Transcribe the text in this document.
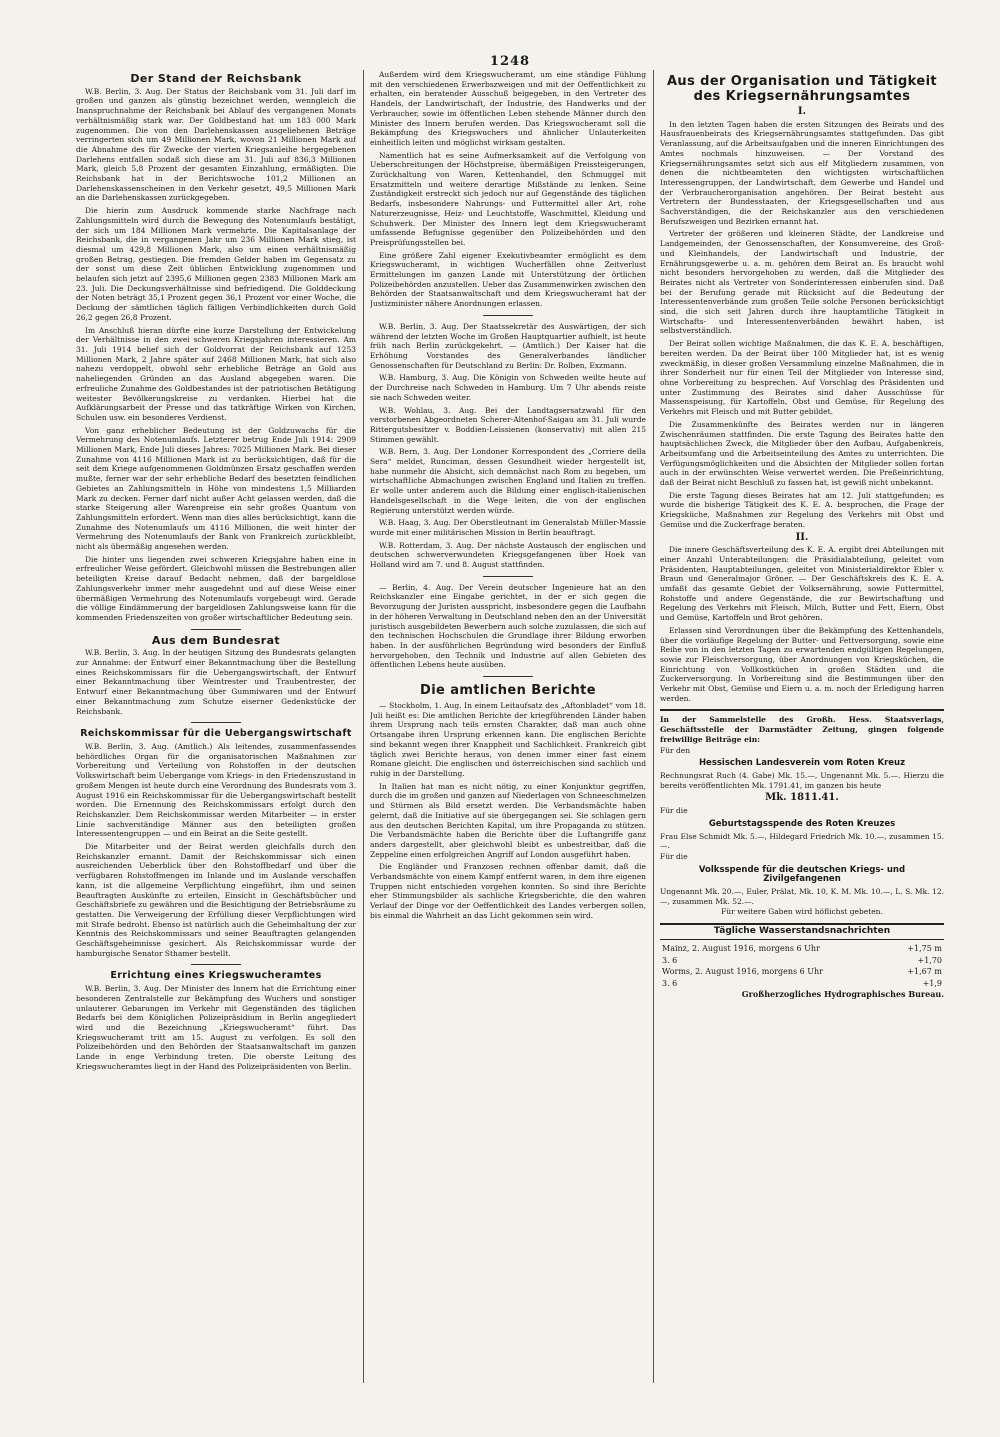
1248
Der Stand der Reichsbank

W.B. Berlin, 3. Aug. Der Status der Reichsbank vom 31. Juli darf im großen und ganzen als günstig bezeichnet werden, wenngleich die Inanspruchnahme der Reichsbank bei Ablauf des vergangenen Monats verhältnismäßig stark war. Der Goldbestand hat um 183 000 Mark zugenommen. Die von den Darlehenskassen ausgeliehenen Beträge verringerten sich um 49 Millionen Mark, wovon 21 Millionen Mark auf die Abnahme des für Zwecke der vierten Kriegsanleihe hergegebenen Darlehens entfallen sodaß sich diese am 31. Juli auf 836,3 Millionen Mark, gleich 5,8 Prozent der gesamten Einzahlung, ermäßigten. Die Reichsbank hat in der Berichtswoche 101,2 Millionen an Darlehenskassenscheinen in den Verkehr gesetzt, 49,5 Millionen Mark an die Darlehenskassen zurückgegeben.

Die hierin zum Ausdruck kommende starke Nachfrage nach Zahlungsmitteln wird durch die Bewegung des Notenumlaufs bestätigt, der sich um 184 Millionen Mark vermehrte. Die Kapitalsanlage der Reichsbank, die in vergangenen Jahr um 236 Millionen Mark stieg, ist diesmal um 429,8 Millionen Mark, also um einen verhältnismäßig großen Betrag, gestiegen. Die fremden Gelder haben im Gegensatz zu der sonst um diese Zeit üblichen Entwicklung zugenommen und belaufen sich jetzt auf 2395,6 Millionen gegen 2383 Millionen Mark am 23. Juli. Die Deckungsverhältnisse sind befriedigend. Die Golddeckung der Noten beträgt 35,1 Prozent gegen 36,1 Prozent vor einer Woche, die Deckung der sämtlichen täglich fälligen Verbindlichkeiten durch Gold 26,2 gegen 26,8 Prozent.

Im Anschluß hieran dürfte eine kurze Darstellung der Entwickelung der Verhältnisse in den zwei schweren Kriegsjahren interessieren. Am 31. Juli 1914 belief sich der Goldvorrat der Reichsbank auf 1253 Millionen Mark, 2 Jahre später auf 2468 Millionen Mark, hat sich also nahezu verdoppelt, obwohl sehr erhebliche Beträge an Gold aus naheliegenden Gründen an das Ausland abgegeben waren. Die erfreuliche Zunahme des Goldbestandes ist der patriotischen Betätigung weitester Bevölkerungskreise zu verdanken. Hierbei hat die Aufklärungsarbeit der Presse und das tatkräftige Wirken von Kirchen, Schulen usw. ein besonderes Verdienst.

Von ganz erheblicher Bedeutung ist der Goldzuwachs für die Vermehrung des Notenumlaufs. Letzterer betrug Ende Juli 1914: 2909 Millionen Mark, Ende Juli dieses Jahres: 7025 Millionen Mark. Bei dieser Zunahme von 4116 Millionen Mark ist zu berücksichtigen, daß für die seit dem Kriege aufgenommenen Goldmünzen Ersatz geschaffen werden mußte, ferner war der sehr erhebliche Bedarf des besetzten feindlichen Gebietes an Zahlungsmitteln in Höhe von mindestens 1,5 Milliarden Mark zu decken. Ferner darf nicht außer Acht gelassen werden, daß die starke Steigerung aller Warenpreise ein sehr großes Quantum von Zahlungsmitteln erfordert. Wenn man dies alles berücksichtigt, kann die Zunahme des Notenumlaufs um 4116 Millionen, die weit hinter der Vermehrung des Notenumlaufs der Bank von Frankreich zurückbleibt, nicht als übermäßig angesehen werden.

Die hinter uns liegenden zwei schweren Kriegsjahre haben eine in erfreulicher Weise gefördert. Gleichwohl müssen die Bestrebungen aller beteiligten Kreise darauf Bedacht nehmen, daß der bargeldlose Zahlungsverkehr immer mehr ausgedehnt und auf diese Weise einer übermäßigen Vermehrung des Notenumlaufs vorgebeugt wird. Gerade die völlige Eindämmerung der bargeldlosen Zahlungsweise kann für die kommenden Friedenszeiten von großer wirtschaftlicher Bedeutung sein.

Aus dem Bundesrat

W.B. Berlin, 3. Aug. In der heutigen Sitzung des Bundesrats gelangten zur Annahme: der Entwurf einer Bekanntmachung über die Bestellung eines Reichskommissars für die Uebergangswirtschaft, der Entwurf einer Bekanntmachung über Weintrester und Traubentrester, der Entwurf einer Bekanntmachung über Gummiwaren und der Entwurf einer Bekanntmachung zum Schutze eiserner Gedenkstücke der Reichsbank.

Reichskommissar für die Uebergangswirtschaft

W.B. Berlin, 3. Aug. (Amtlich.) Als leitendes, zusammenfassendes behördliches Organ für die organisatorischen Maßnahmen zur Vorbereitung und Verteilung von Rohstoffen in der deutschen Volkswirtschaft beim Uebergange vom Kriegs- in den Friedenszustand in großem Mengen ist heute durch eine Verordnung des Bundesrats vom 3. August 1916 ein Reichskommissar für die Uebergangswirtschaft bestellt worden. Die Ernennung des Reichskommissars erfolgt durch den Reichskanzler. Dem Reichskommissar werden Mitarbeiter — in erster Linie sachverständige Männer aus den beteiligten großen Interessentengruppen — und ein Beirat an die Seite gestellt.

Die Mitarbeiter und der Beirat werden gleichfalls durch den Reichskanzler ernannt. Damit der Reichskommissar sich einen ausreichenden Ueberblick über den Rohstoffbedarf und über die verfügbaren Rohstoffmengen im Inlande und im Auslande verschaffen kann, ist die allgemeine Verpflichtung eingeführt, ihm und seinen Beauftragten Auskünfte zu erteilen, Einsicht in Geschäftsbücher und Geschäftsbriefe zu gewähren und die Besichtigung der Betriebsräume zu gestatten. Die Verweigerung der Erfüllung dieser Verpflichtungen wird mit Strafe bedroht. Ebenso ist natürlich auch die Geheimhaltung der zur Kenntnis des Reichskommissars und seiner Beauftragten gelangenden Geschäftsgeheimnisse gesichert. Als Reichskommissar wurde der hamburgische Senator Sthamer bestellt.

Errichtung eines Kriegswucheramtes

W.B. Berlin, 3. Aug. Der Minister des Innern hat die Errichtung einer besonderen Zentralstelle zur Bekämpfung des Wuchers und sonstiger unlauterer Gebarungen im Verkehr mit Gegenständen des täglichen Bedarfs bei dem Königlichen Polizeipräsidium in Berlin angegliedert wird und die Bezeichnung „Kriegswucheramt“ führt. Das Kriegswucheramt tritt am 15. August zu verfolgen. Es soll den Polizeibehörden und den Behörden der Staatsanwaltschaft im ganzen Lande in enge Verbindung treten. Die oberste Leitung des Kriegswucheramtes liegt in der Hand des Polizeipräsidenten von Berlin.

Außerdem wird dem Kriegswucheramt, um eine ständige Fühlung mit den verschiedenen Erwerbszweigen und mit der Oeffentlichkeit zu erhalten, ein beratender Ausschuß beigegeben, in den Vertreter des Handels, der Landwirtschaft, der Industrie, des Handwerks und der Verbraucher, sowie im öffentlichen Leben stehende Männer durch den Minister des Innern berufen werden. Das Kriegswucheramt soll die Bekämpfung des Kriegswuchers und ähnlicher Unlauterkeiten einheitlich leiten und möglichst wirksam gestalten.

Namentlich hat es seine Aufmerksamkeit auf die Verfolgung von Ueberschreitungen der Höchstpreise, übermäßigen Preissteigerungen, Zurückhaltung von Waren, Kettenhandel, den Schmuggel mit Ersatzmitteln und weitere derartige Mißstände zu lenken. Seine Zuständigkeit erstreckt sich jedoch nur auf Gegenstände des täglichen Bedarfs, insbesondere Nahrungs- und Futtermittel aller Art, rohe Naturerzeugnisse, Heiz- und Leuchtstoffe, Waschmittel, Kleidung und Schuhwerk. Der Minister des Innern legt dem Kriegswucheramt umfassende Befugnisse gegenüber den Polizeibehörden und den Preisprüfungsstellen bei.

Eine größere Zahl eigener Exekutivbeamter ermöglicht es dem Kriegswucheramt, in wichtigen Wucherfällen ohne Zeitverlust Ermittelungen im ganzen Lande mit Unterstützung der örtlichen Polizeibehörden anzustellen. Ueber das Zusammenwirken zwischen den Behörden der Staatsanwaltschaft und dem Kriegswucheramt hat der Justizminister nähere Anordnungen erlassen.

W.B. Berlin, 3. Aug. Der Staatssekretär des Auswärtigen, der sich während der letzten Woche im Großen Hauptquartier aufhielt, ist heute früh nach Berlin zurückgekehrt. — (Amtlich.) Der Kaiser hat die Erhöhung Vorstandes des Generalverbandes ländlicher Genossenschaften für Deutschland zu Berlin: Dr. Rolben, Exzmann.

W.B. Hamburg, 3. Aug. Die Königin von Schweden weilte heute auf der Durchreise nach Schweden in Hamburg. Um 7 Uhr abends reiste sie nach Schweden weiter.

W.B. Wohlau, 3. Aug. Bei der Landtagsersatzwahl für den verstorbenen Abgeordneten Scherer-Altenhof-Saigau am 31. Juli wurde Rittergutsbesitzer v. Boddien-Leissienen (konservativ) mit allen 215 Stimmen gewählt.

W.B. Bern, 3. Aug. Der Londoner Korrespondent des „Corriere della Sera“ meldet, Runciman, dessen Gesundheit wieder hergestellt ist, habe nunmehr die Absicht, sich demnächst nach Rom zu begeben, um wirtschaftliche Abmachungen zwischen England und Italien zu treffen. Er wolle unter anderem auch die Bildung einer englisch-italienischen Handelsgesellschaft in die Wege leiten, die von der englischen Regierung unterstützt werden würde.

W.B. Haag, 3. Aug. Der Oberstleutnant im Generalstab Müller-Massie wurde mit einer militärischen Mission in Berlin beauftragt.

W.B. Rotterdam, 3. Aug. Der nächste Austausch der englischen und deutschen schwerverwundeten Kriegsgefangenen über Hoek van Holland wird am 7. und 8. August stattfinden.

— Berlin, 4. Aug. Der Verein deutscher Ingenieure hat an den Reichskanzler eine Eingabe gerichtet, in der er sich gegen die Bevorzugung der Juristen ausspricht, insbesondere gegen die Laufbahn in der höheren Verwaltung in Deutschland neben den an der Universität juristisch ausgebildeten Bewerbern auch solche zuzulassen, die sich auf den technischen Hochschulen die Grundlage ihrer Bildung erworben haben. In der ausführlichen Begründung wird besonders der Einfluß hervorgehoben, den Technik und Industrie auf allen Gebieten des öffentlichen Lebens heute ausüben.

Die amtlichen Berichte

— Stockholm, 1. Aug. In einem Leitaufsatz des „Aftonbladet“ vom 18. Juli heißt es: Die amtlichen Berichte der kriegführenden Länder haben ihrem Ursprung nach teils ernsten Charakter, daß man auch ohne Ortsangabe ihren Ursprung erkennen kann. Die englischen Berichte sind bekannt wegen ihrer Knappheit und Sachlichkeit. Frankreich gibt täglich zwei Berichte heraus, von denen immer einer fast einem Romane gleicht. Die englischen und österreichischen sind sachlich und ruhig in der Darstellung.

In Italien hat man es nicht nötig, zu einer Konjunktur gegriffen, durch die im großen und ganzen auf Niederlagen von Schneeschmelzen und Stürmen als Bild ersetzt werden. Die Verbandsmächte haben gelernt, daß die Initiative auf sie übergegangen sei. Sie schlagen gern aus den deutschen Berichten Kapital, um ihre Propaganda zu stützen. Die Verbandsmächte haben die Berichte über die Luftangriffe ganz anders dargestellt, aber gleichwohl bleibt es unbestreitbar, daß die Zeppeline einen erfolgreichen Angriff auf London ausgeführt haben.

Die Engländer und Franzosen rechnen offenbar damit, daß die Verbandsmächte von einem Kampf entfernt waren, in dem ihre eigenen Truppen nicht entschieden vorgehen konnten. So sind ihre Berichte eher Stimmungsbilder als sachliche Kriegsberichte, die den wahren Verlauf der Dinge vor der Oeffentlichkeit des Landes verbergen sollen, bis einmal die Wahrheit an das Licht gekommen sein wird.

Aus der Organisation und Tätigkeit des Kriegsernährungsamtes
I.

In den letzten Tagen haben die ersten Sitzungen des Beirats und des Hausfrauenbeirats des Kriegsernährungsamtes stattgefunden. Das gibt Veranlassung, auf die Arbeitsaufgaben und die inneren Einrichtungen des Amtes nochmals hinzuweisen. — Der Vorstand des Kriegsernährungsamtes setzt sich aus elf Mitgliedern zusammen, von denen die nichtbeamteten den wichtigsten wirtschaftlichen Interessengruppen, der Landwirtschaft, dem Gewerbe und Handel und der Verbraucherorganisation angehören. Der Beirat besteht aus Vertretern der Bundesstaaten, der Kriegsgesellschaften und aus Sachverständigen, die der Reichskanzler aus den verschiedenen Berufszweigen und Bezirken ernannt hat.

Vertreter der größeren und kleineren Städte, der Landkreise und Landgemeinden, der Genossenschaften, der Konsumvereine, des Groß- und Kleinhandels, der Landwirtschaft und Industrie, der Ernährungsgewerbe u. a. m. gehören dem Beirat an. Es braucht wohl nicht besonders hervorgehoben zu werden, daß die Mitglieder des Beirates nicht als Vertreter von Sonderinteressen einberufen sind. Daß bei der Berufung gerade mit Rücksicht auf die Bedeutung der Interessentenverbände zum großen Teile solche Personen berücksichtigt sind, die sich seit Jahren durch ihre hauptamtliche Tätigkeit in Wirtschafts- und Interessentenverbänden bewährt haben, ist selbstverständlich.

Der Beirat sollen wichtige Maßnahmen, die das K. E. A. beschäftigen, bereiten werden. Da der Beirat über 100 Mitglieder hat, ist es wenig zweckmäßig, in dieser großen Versammlung einzelne Maßnahmen, die in ihrer Sonderheit nur für einen Teil der Mitglieder von Interesse sind, ohne Vorbereitung zu besprechen. Auf Vorschlag des Präsidenten und unter Zustimmung des Beirates sind daher Ausschüsse für Massenspeisung, für Kartoffeln, Obst und Gemüse, für Regelung des Verkehrs mit Fleisch und mit Butter gebildet.

Die Zusammenkünfte des Beirates werden nur in längeren Zwischenräumen stattfinden. Die erste Tagung des Beirates hatte den hauptsächlichen Zweck, die Mitglieder über den Aufbau, Aufgabenkreis, Arbeitsumfang und die Arbeitseinteilung des Amtes zu unterrichten. Die Verfügungsmöglichkeiten und die Absichten der Mitglieder sollen fortan auch in der erwünschten Weise verwertet werden. Die Preßeinrichtung, daß der Beirat nicht Beschluß zu fassen hat, ist gewiß nicht unbekannt.

Die erste Tagung dieses Beirates hat am 12. Juli stattgefunden; es wurde die bisherige Tätigkeit des K. E. A. besprochen, die Frage der Kriegsküche, Maßnahmen zur Regelung des Verkehrs mit Obst und Gemüse und die Zuckerfrage beraten.

II.

Die innere Geschäftsverteilung des K. E. A. ergibt drei Abteilungen mit einer Anzahl Unterabteilungen: die Präsidialabteilung, geleitet vom Präsidenten, Hauptabteilungen, geleitet von Ministerialdirektor Ebler v. Braun und Generalmajor Gröner. — Der Geschäftskreis des K. E. A. umfaßt das gesamte Gebiet der Volksernährung, sowie Futtermittel, Rohstoffe und andere Gegenstände, die zur Bewirtschaftung und Regelung des Verkehrs mit Fleisch, Milch, Butter und Fett, Eiern, Obst und Gemüse, Kartoffeln und Brot gehören.

Erlassen sind Verordnungen über die Bekämpfung des Kettenhandels, über die vorläufige Regelung der Butter- und Fettversorgung, sowie eine Reihe von in den letzten Tagen zu erwartenden endgültigen Regelungen, sowie zur Fleischversorgung, über Anordnungen von Kriegsküchen, die Einrichtung von Vollkostküchen in großen Städten und die Zuckerversorgung. In Vorbereitung sind die Bestimmungen über den Verkehr mit Obst, Gemüse und Eiern u. a. m. noch der Erledigung harren werden.

In der Sammelstelle des Großh. Hess. Staatsverlags, Geschäftsstelle der Darmstädter Zeitung, gingen folgende freiwillige Beiträge ein:

Für den

Hessischen Landesverein vom Roten Kreuz

Rechnungsrat Ruch (4. Gabe) Mk. 15.—, Ungenannt Mk. 5.—. Hierzu die bereits veröffentlichten Mk. 1791.41, im ganzen bis heute

Mk. 1811.41.

Für die

Geburtstagsspende des Roten Kreuzes

Frau Else Schmidt Mk. 5.—, Hildegard Friedrich Mk. 10.—, zusammen 15.—.

Für die

Volksspende für die deutschen Kriegs- und Zivilgefangenen

Ungenannt Mk. 20.—, Euler, Prälat, Mk. 10, K. M. Mk. 10.—, L. S. Mk. 12.—, zusammen Mk. 52.—.

Für weitere Gaben wird höflichst gebeten.

Tägliche Wasserstandsnachrichten
Mainz, 2. August 1916, morgens 6 Uhr	+1,75 m
3. 6	+1,70
Worms, 2. August 1916, morgens 6 Uhr	+1,67 m
3. 6	+1,9
Großherzogliches Hydrographisches Bureau.
